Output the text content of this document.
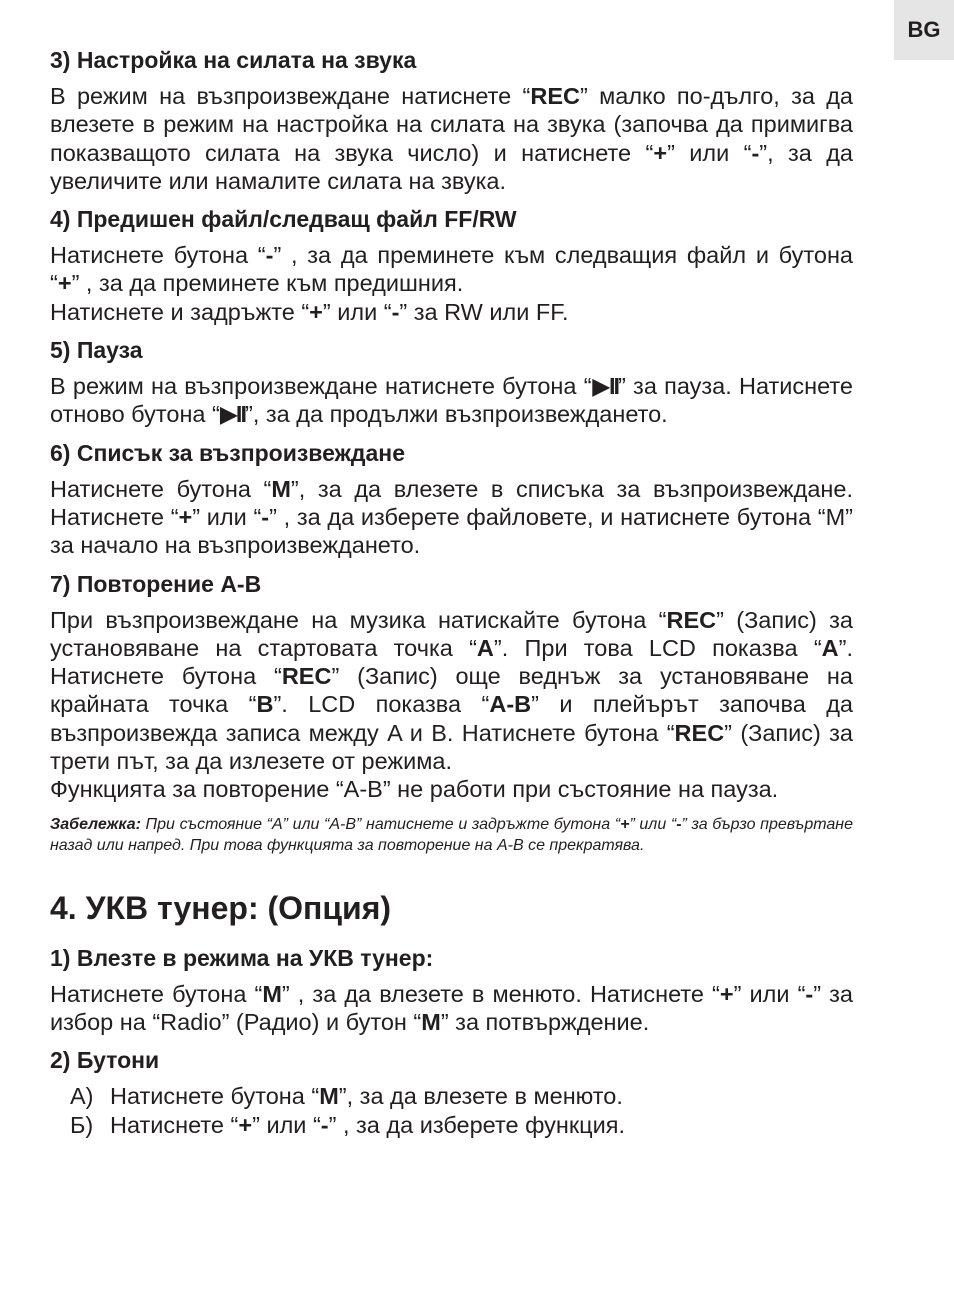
BG
3) Настройка на силата на звука

В режим на възпроизвеждане натиснете “REC” малко по-дълго, за да влезете в режим на настройка на силата на звука (започва да примигва показващото силата на звука число) и натиснете “+” или “-”, за да увеличите или намалите силата на звука.

4) Предишен файл/следващ файл FF/RW

Натиснете бутона “-” , за да преминете към следващия файл и бутона “+” , за да преминете към предишния.
Натиснете и задръжте “+” или “-” за RW или FF.

5) Пауза

В режим на възпроизвеждане натиснете бутона “▶II” за пауза. Натиснете отново бутона “▶II”, за да продължи възпроизвеждането.

6) Списък за възпроизвеждане

Натиснете бутона “M”, за да влезете в списъка за възпроизвеждане. Натиснете “+” или “-” , за да изберете файловете, и натиснете бутона “M” за начало на възпроизвеждането.

7) Повторение A-B

При възпроизвеждане на музика натискайте бутона “REC” (Запис) за установяване на стартовата точка “A”. При това LCD показва “A”. Натиснете бутона “REC” (Запис) още веднъж за установяване на крайната точка “B”. LCD показва “A-B” и плейърът започва да възпроизвежда записа между A и B. Натиснете бутона “REC” (Запис) за трети път, за да излезете от режима.

Функцията за повторение “A-B” не работи при състояние на пауза.

Забележка: При състояние “A” или “A-B” натиснете и задръжте бутона “+” или “-” за бързо превъртане назад или напред. При това функцията за повторение на A-B се прекратява.

4. УКВ тунер: (Опция)
1) Влезте в режима на УКВ тунер:

Натиснете бутона “M” , за да влезете в менюто. Натиснете “+” или “-” за избор на “Radio” (Радио) и бутон “M” за потвърждение.

2) Бутони
A) Натиснете бутона “M”, за да влезете в менюто.
Б) Натиснете “+” или “-” , за да изберете функция.
